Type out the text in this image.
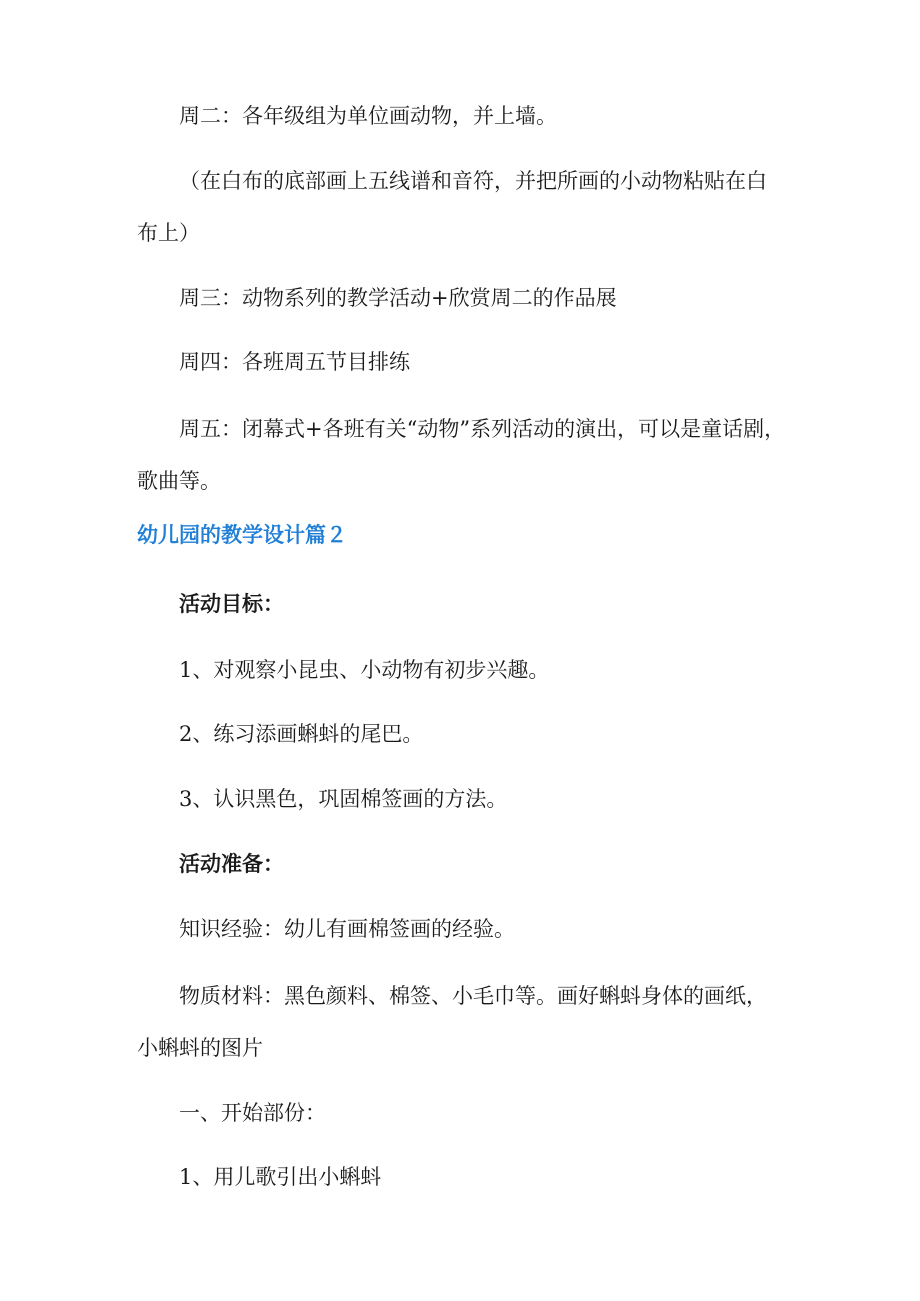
周二：各年级组为单位画动物，并上墙。

（在白布的底部画上五线谱和音符，并把所画的小动物粘贴在白布上）

周三：动物系列的教学活动+欣赏周二的作品展

周四：各班周五节目排练

周五：闭幕式+各班有关“动物”系列活动的演出，可以是童话剧，歌曲等。

幼儿园的教学设计篇２

活动目标：

1、对观察小昆虫、小动物有初步兴趣。

2、练习添画蝌蚪的尾巴。

3、认识黑色，巩固棉签画的方法。

活动准备：

知识经验：幼儿有画棉签画的经验。

物质材料：黑色颜料、棉签、小毛巾等。画好蝌蚪身体的画纸，小蝌蚪的图片

一、开始部份：

1、用儿歌引出小蝌蚪
